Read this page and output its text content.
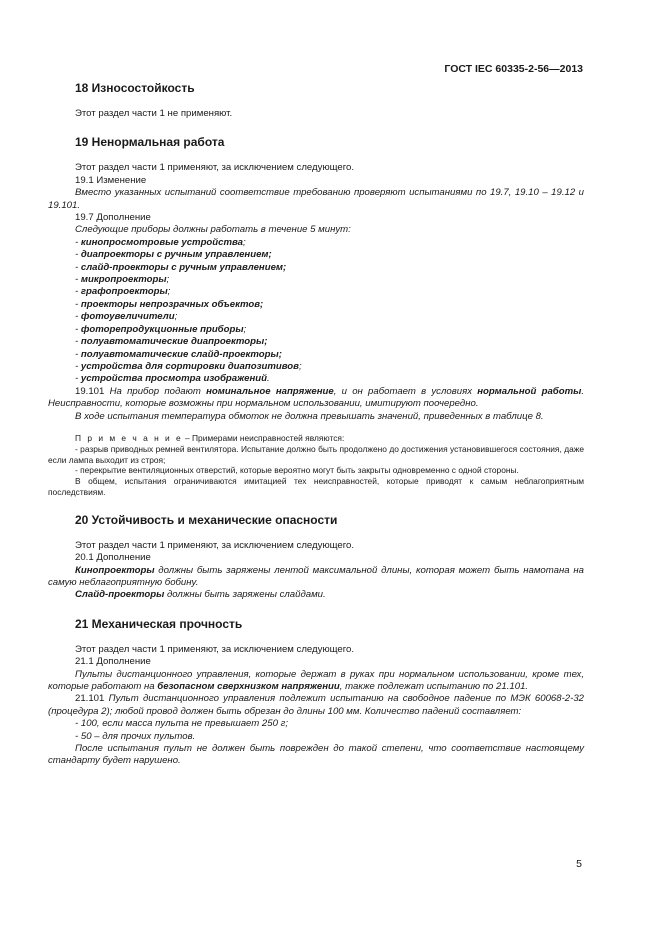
ГОСТ IEC 60335-2-56—2013
18 Износостойкость

Этот раздел части 1 не применяют.

19 Ненормальная работа

Этот раздел части 1 применяют, за исключением следующего.

19.1 Изменение

Вместо указанных испытаний соответствие требованию проверяют испытаниями по 19.7, 19.10 – 19.12 и 19.101.

19.7 Дополнение

Следующие приборы должны работать в течение 5 минут:

- кинопросмотровые устройства;

- диапроекторы с ручным управлением;

- слайд-проекторы с ручным управлением;

- микропроекторы;

- графопроекторы;

- проекторы непрозрачных объектов;

- фотоувеличители;

- фоторепродукционные приборы;

- полуавтоматические диапроекторы;

- полуавтоматические слайд-проекторы;

- устройства для сортировки диапозитивов;

- устройства просмотра изображений.

19.101 На прибор подают номинальное напряжение, и он работает в условиях нормальной работы. Неисправности, которые возможны при нормальном использовании, имитируют поочередно.

В ходе испытания температура обмоток не должна превышать значений, приведенных в таблице 8.

П р и м е ч а н и е – Примерами неисправностей являются:

- разрыв приводных ремней вентилятора. Испытание должно быть продолжено до достижения установившегося состояния, даже если лампа выходит из строя;

- перекрытие вентиляционных отверстий, которые вероятно могут быть закрыты одновременно с одной стороны.

В общем, испытания ограничиваются имитацией тех неисправностей, которые приводят к самым неблагоприятным последствиям.

20 Устойчивость и механические опасности

Этот раздел части 1 применяют, за исключением следующего.

20.1 Дополнение

Кинопроекторы должны быть заряжены лентой максимальной длины, которая может быть намотана на самую неблагоприятную бобину.

Слайд-проекторы должны быть заряжены слайдами.

21 Механическая прочность

Этот раздел части 1 применяют, за исключением следующего.

21.1 Дополнение

Пульты дистанционного управления, которые держат в руках при нормальном использовании, кроме тех, которые работают на безопасном сверхнизком напряжении, также подлежат испытанию по 21.101.

21.101 Пульт дистанционного управления подлежит испытанию на свободное падение по МЭК 60068-2-32 (процедура 2); любой провод должен быть обрезан до длины 100 мм. Количество падений составляет:

- 100, если масса пульта не превышает 250 г;

- 50 – для прочих пультов.

После испытания пульт не должен быть поврежден до такой степени, что соответствие настоящему стандарту будет нарушено.

5
